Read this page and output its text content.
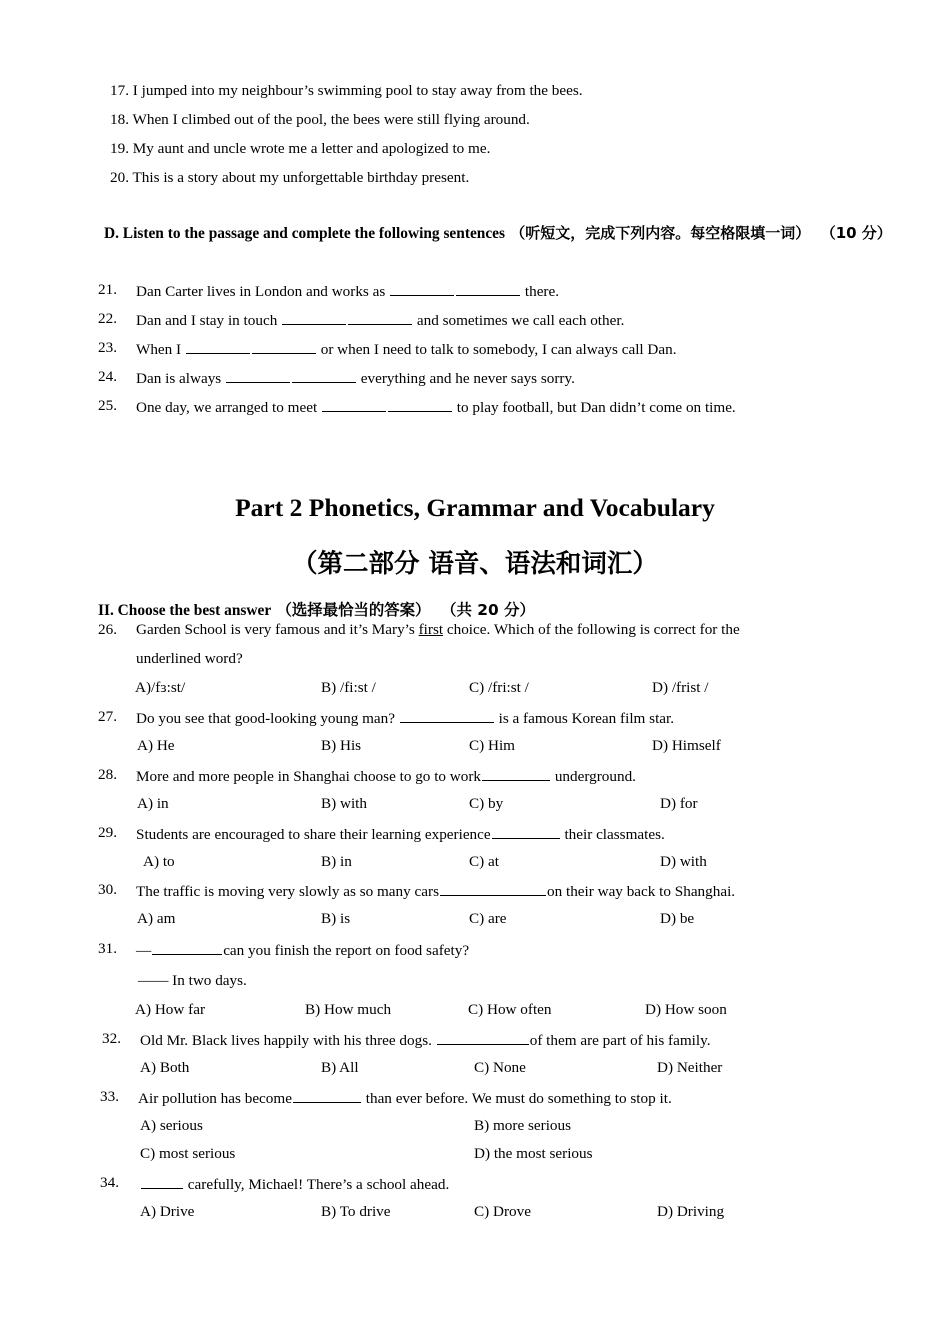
17. I jumped into my neighbour’s swimming pool to stay away from the bees.
18. When I climbed out of the pool, the bees were still flying around.
19. My aunt and uncle wrote me a letter and apologized to me.
20. This is a story about my unforgettable birthday present.
D. Listen to the passage and complete the following sentences （听短文，完成下列内容。每空格限填一词） （10 分）
21. Dan Carter lives in London and works as	there.
22. Dan and I stay in touch	and sometimes we call each other.
23. When I	or when I need to talk to somebody, I can always call Dan.
24. Dan is always	everything and he never says sorry.
25. One day, we arranged to meet	to play football, but Dan didn’t come on time.
Part 2 Phonetics, Grammar and Vocabulary
（第二部分 语音、语法和词汇）
II. Choose the best answer （选择最恰当的答案） （共 20 分）
26. Garden School is very famous and it’s Mary’s first choice. Which of the following is correct for the
underlined word?
A)/fɜ:st/	B) /fi:st /	C) /fri:st /	D) /frist /
27. Do you see that good-looking young man?	is a famous Korean film star.
A) He	B) His	C) Him	D) Himself
28. More and more people in Shanghai choose to go to work	underground.
A) in	B) with	C) by	D) for
29. Students are encouraged to share their learning experience	their classmates.
A) to	B) in	C) at	D) with
30. The traffic is moving very slowly as so many cars	on their way back to Shanghai.
A) am	B) is	C) are	D) be
31. —	can you finish the report on food safety?
—— In two days.
A) How far	B) How much	C) How often	D) How soon
32. Old Mr. Black lives happily with his three dogs.	of them are part of his family.
A) Both	B) All	C) None	D) Neither
33. Air pollution has become	than ever before. We must do something to stop it.
A) serious	B) more serious
C) most serious	D) the most serious
34.	carefully, Michael! There’s a school ahead.
A) Drive	B) To drive	C) Drove	D) Driving
